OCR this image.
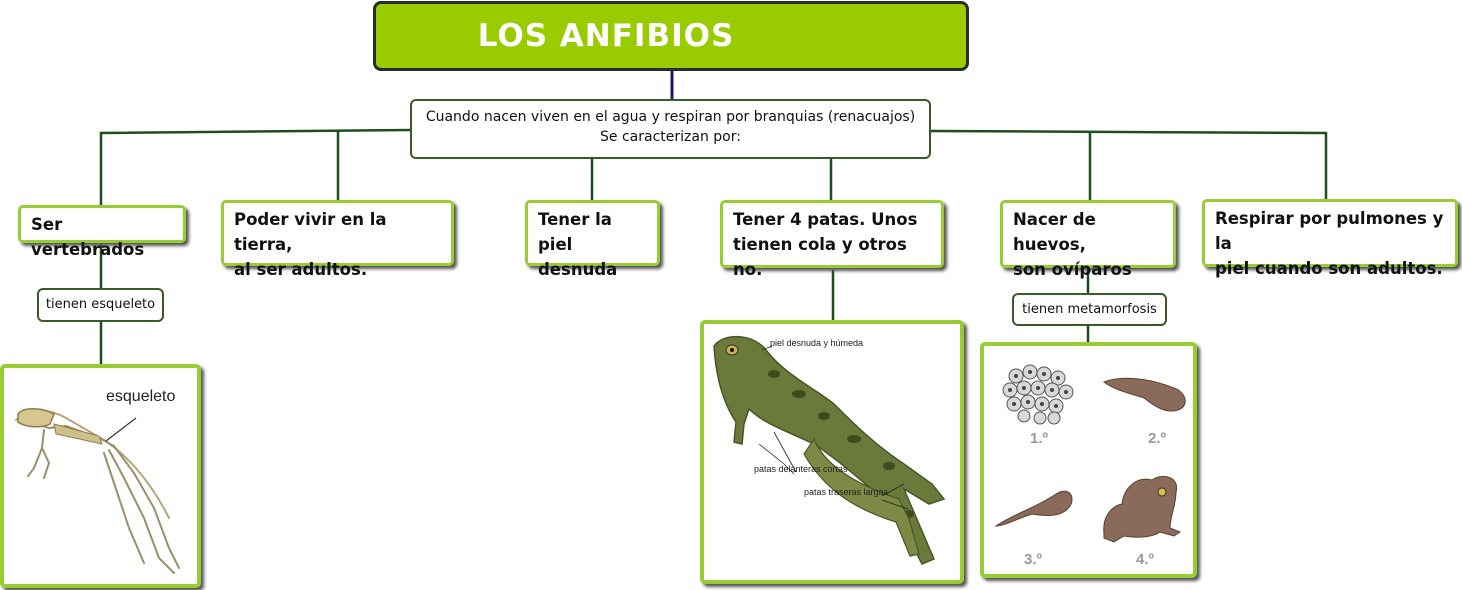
LOS ANFIBIOS
Cuando nacen viven en el agua y respiran por branquias (renacuajos)
Se caracterizan por:
Ser vertebrados
Poder vivir en la tierra,
al ser adultos.
Tener la piel
desnuda
Tener 4 patas. Unos
tienen cola y otros no.
Nacer de huevos,
son ovíparos
Respirar por pulmones y la
piel cuando son adultos.
tienen esqueleto	tienen metamorfosis
esqueleto
piel desnuda y húmeda
patas delanteras cortas
patas traseras largas
1.º	2.º
3.º	4.º
